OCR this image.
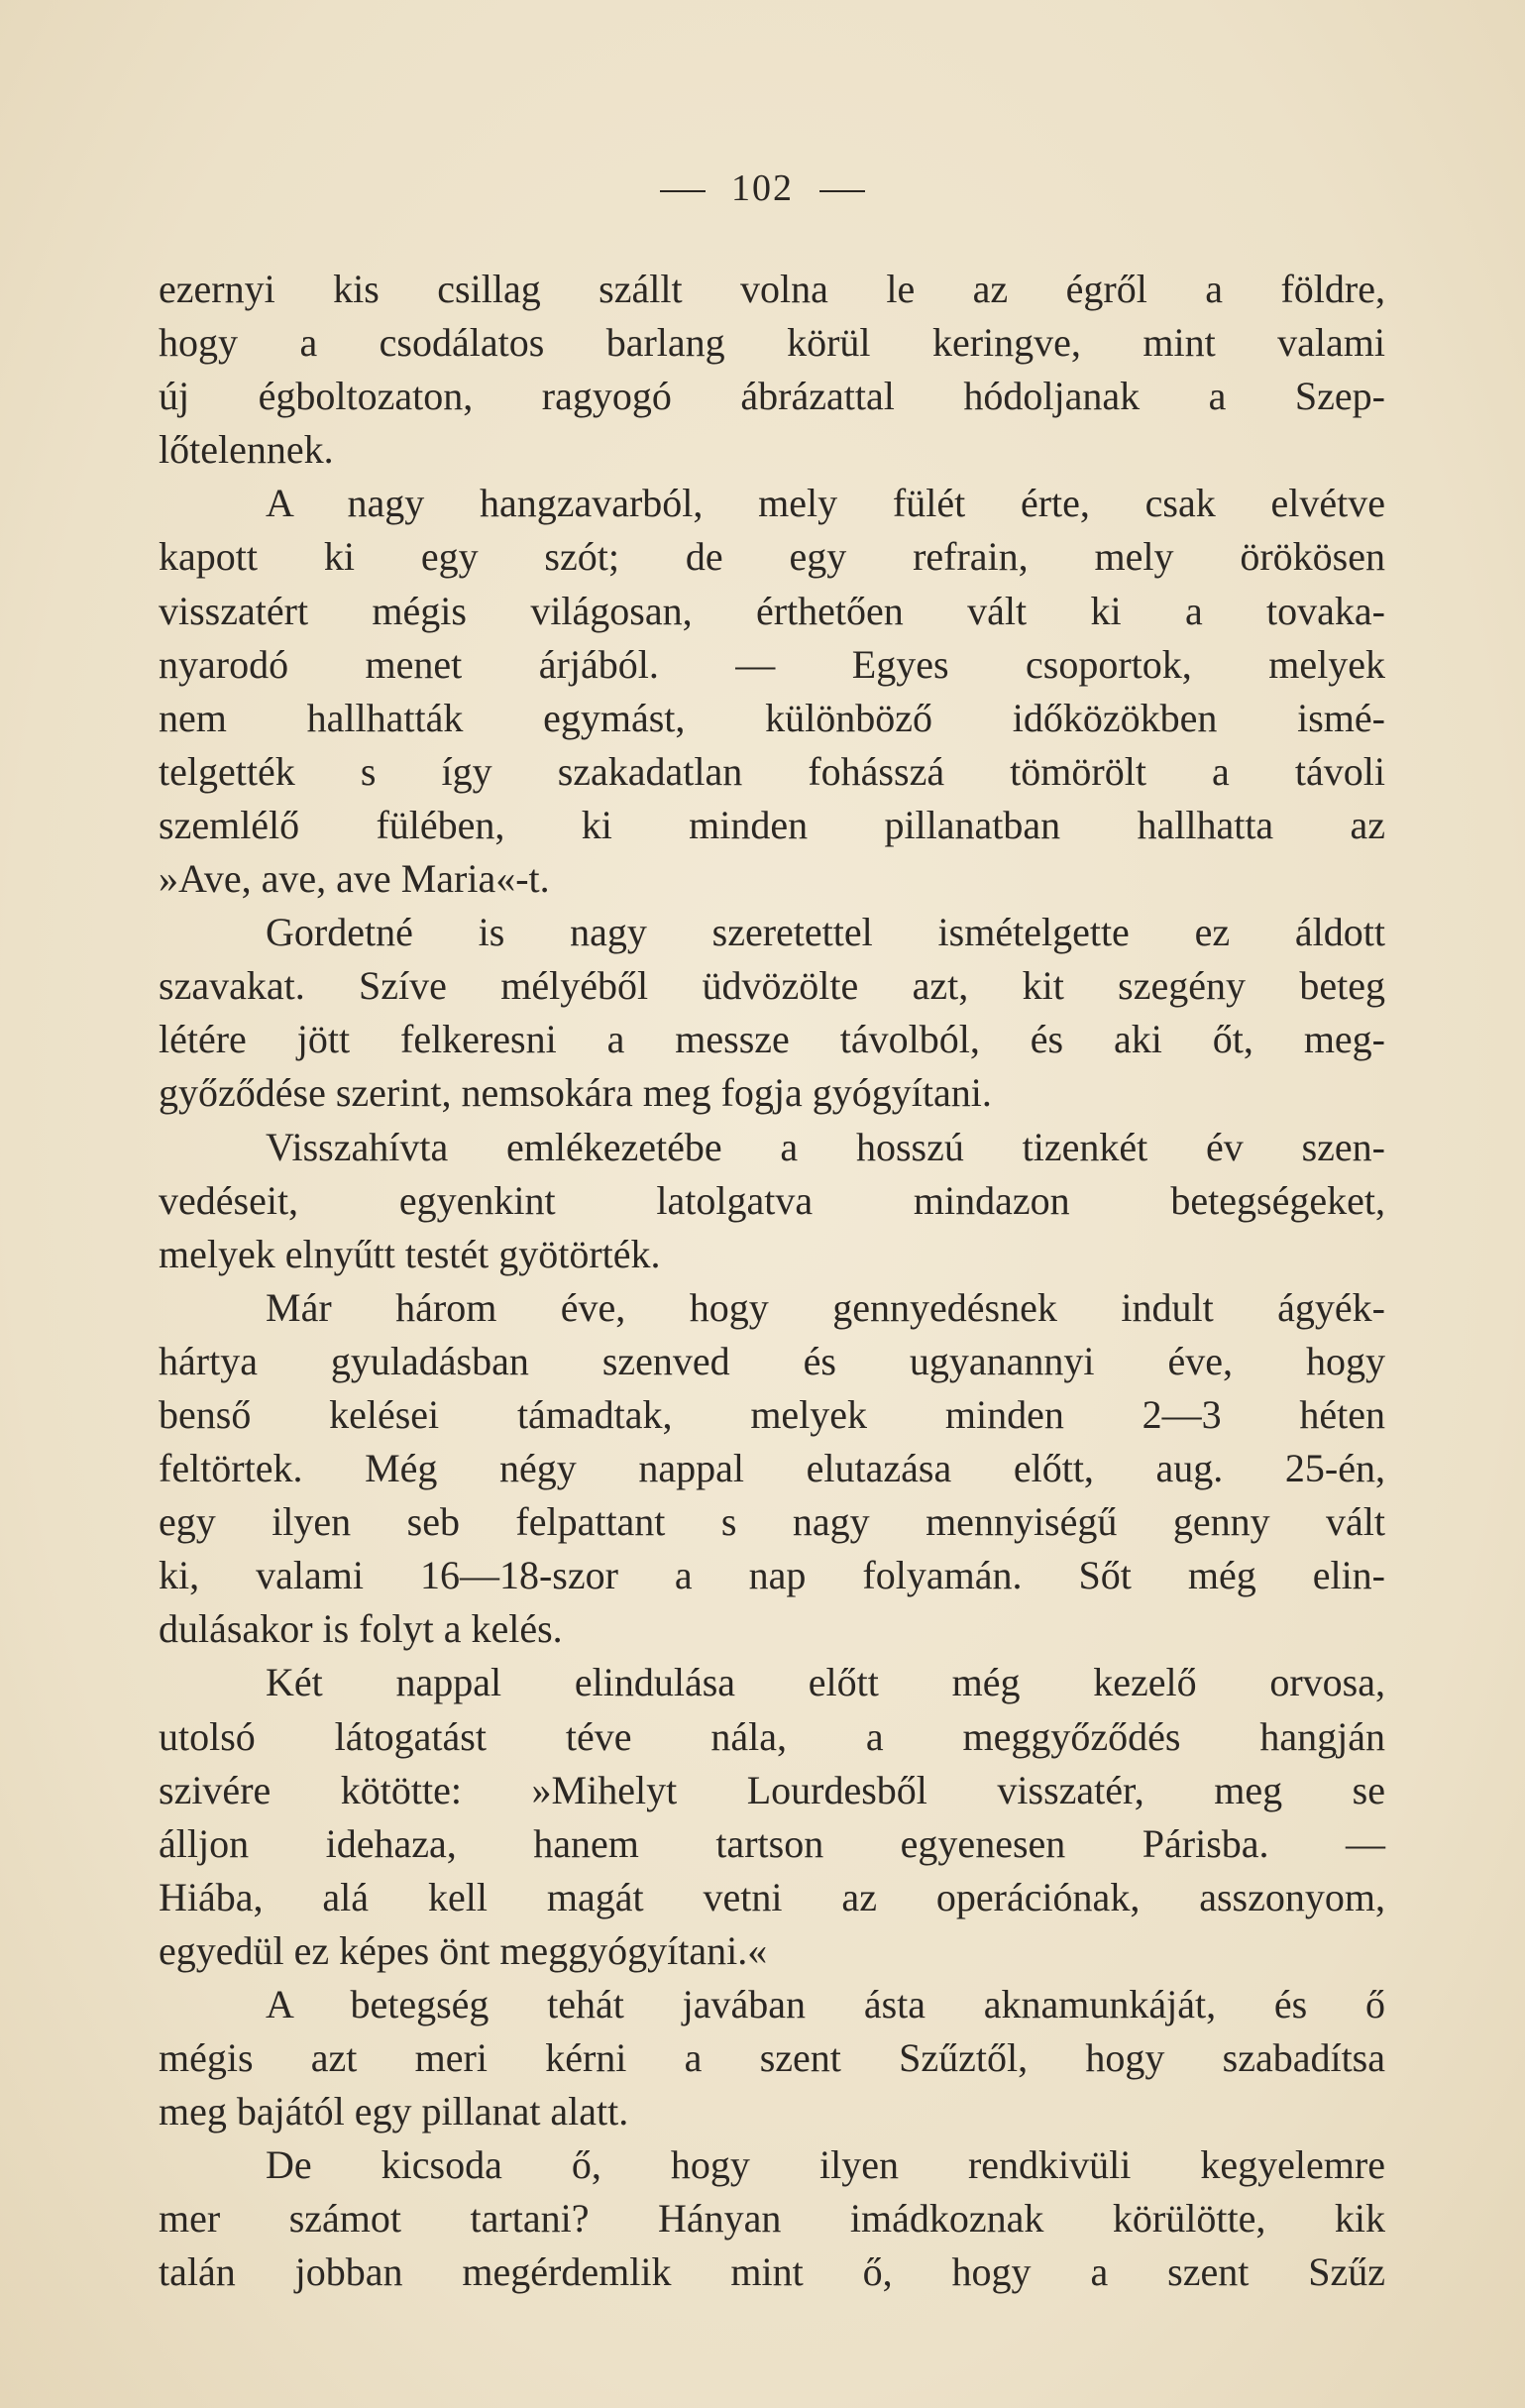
102
ezernyi kis csillag szállt volna le az égről a földre,
hogy a csodálatos barlang körül keringve, mint valami
új égboltozaton, ragyogó ábrázattal hódoljanak a Szep-
lőtelennek.
A nagy hangzavarból, mely fülét érte, csak elvétve
kapott ki egy szót; de egy refrain, mely örökösen
visszatért mégis világosan, érthetően vált ki a tovaka-
nyarodó menet árjából. — Egyes csoportok, melyek
nem hallhatták egymást, különböző időközökben ismé-
telgették s így szakadatlan fohásszá tömörölt a távoli
szemlélő fülében, ki minden pillanatban hallhatta az
»Ave, ave, ave Maria«-t.
Gordetné is nagy szeretettel ismételgette ez áldott
szavakat. Szíve mélyéből üdvözölte azt, kit szegény beteg
létére jött felkeresni a messze távolból, és aki őt, meg-
győződése szerint, nemsokára meg fogja gyógyítani.
Visszahívta emlékezetébe a hosszú tizenkét év szen-
vedéseit, egyenkint latolgatva mindazon betegségeket,
melyek elnyűtt testét gyötörték.
Már három éve, hogy gennyedésnek indult ágyék-
hártya gyuladásban szenved és ugyanannyi éve, hogy
benső kelései támadtak, melyek minden 2—3 héten
feltörtek. Még négy nappal elutazása előtt, aug. 25-én,
egy ilyen seb felpattant s nagy mennyiségű genny vált
ki, valami 16—18-szor a nap folyamán. Sőt még elin-
dulásakor is folyt a kelés.
Két nappal elindulása előtt még kezelő orvosa,
utolsó látogatást téve nála, a meggyőződés hangján
szivére kötötte: »Mihelyt Lourdesből visszatér, meg se
álljon idehaza, hanem tartson egyenesen Párisba. —
Hiába, alá kell magát vetni az operációnak, asszonyom,
egyedül ez képes önt meggyógyítani.«
A betegség tehát javában ásta aknamunkáját, és ő
mégis azt meri kérni a szent Szűztől, hogy szabadítsa
meg bajától egy pillanat alatt.
De kicsoda ő, hogy ilyen rendkivüli kegyelemre
mer számot tartani? Hányan imádkoznak körülötte, kik
talán jobban megérdemlik mint ő, hogy a szent Szűz
